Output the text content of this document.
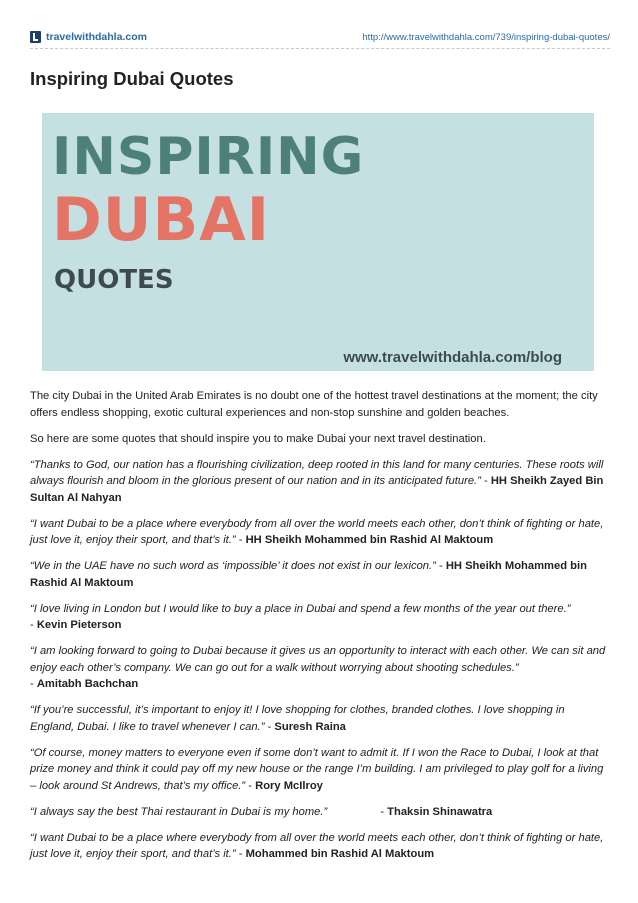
travelwithdahla.com	http://www.travelwithdahla.com/739/inspiring-dubai-quotes/
Inspiring Dubai Quotes
INSPIRING
DUBAI
QUOTES
www.travelwithdahla.com/blog

The city Dubai in the United Arab Emirates is no doubt one of the hottest travel destinations at the moment; the city offers endless shopping, exotic cultural experiences and non-stop sunshine and golden beaches.

So here are some quotes that should inspire you to make Dubai your next travel destination.

“Thanks to God, our nation has a flourishing civilization, deep rooted in this land for many centuries. These roots will always flourish and bloom in the glorious present of our nation and in its anticipated future.” - HH Sheikh Zayed Bin Sultan Al Nahyan

“I want Dubai to be a place where everybody from all over the world meets each other, don’t think of fighting or hate, just love it, enjoy their sport, and that’s it.” - HH Sheikh Mohammed bin Rashid Al Maktoum

“We in the UAE have no such word as ‘impossible’ it does not exist in our lexicon.” - HH Sheikh Mohammed bin Rashid Al Maktoum

“I love living in London but I would like to buy a place in Dubai and spend a few months of the year out there.”
- Kevin Pieterson

“I am looking forward to going to Dubai because it gives us an opportunity to interact with each other. We can sit and enjoy each other’s company. We can go out for a walk without worrying about shooting schedules.”
- Amitabh Bachchan

“If you’re successful, it’s important to enjoy it! I love shopping for clothes, branded clothes. I love shopping in England, Dubai. I like to travel whenever I can.” - Suresh Raina

“Of course, money matters to everyone even if some don’t want to admit it. If I won the Race to Dubai, I look at that prize money and think it could pay off my new house or the range I’m building. I am privileged to play golf for a living – look around St Andrews, that’s my office.” - Rory McIlroy

“I always say the best Thai restaurant in Dubai is my home.”	- Thaksin Shinawatra

“I want Dubai to be a place where everybody from all over the world meets each other, don’t think of fighting or hate, just love it, enjoy their sport, and that’s it.” - Mohammed bin Rashid Al Maktoum
